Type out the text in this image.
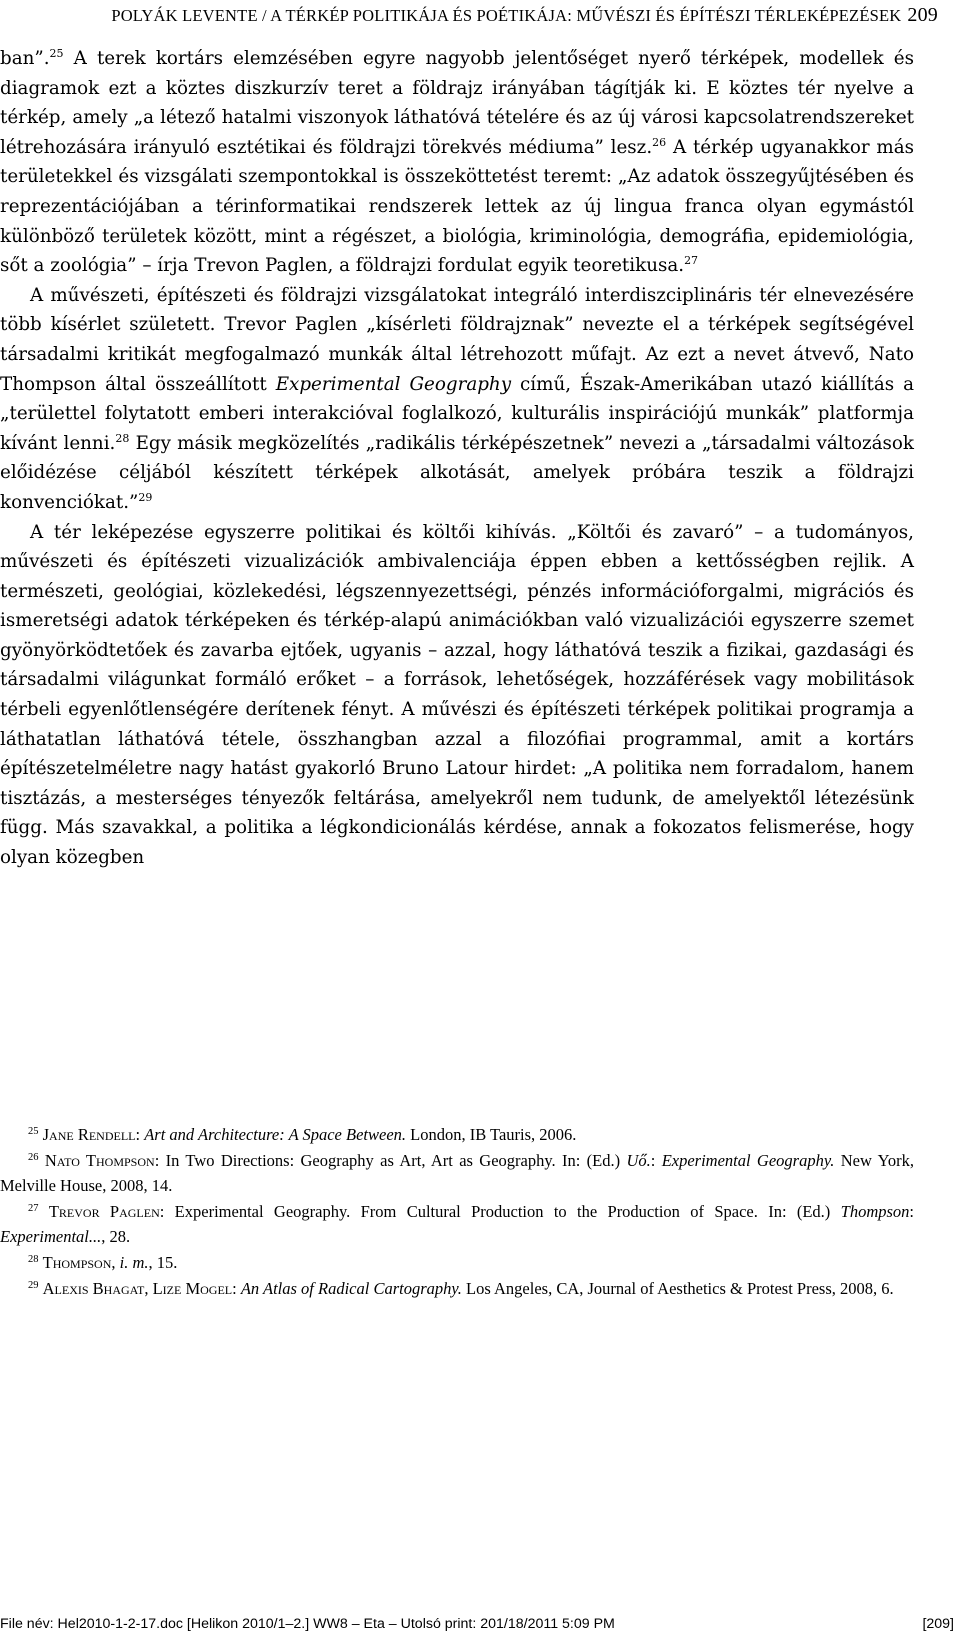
POLYÁK LEVENTE / A TÉRKÉP POLITIKÁJA ÉS POÉTIKÁJA: MŰVÉSZI ÉS ÉPÍTÉSZI TÉRLEKÉPEZÉSEK 209

ban”.$^{25}$ A terek kortárs elemzésében egyre nagyobb jelentőséget nyerő térképek, modellek és diagramok ezt a köztes diszkurzív teret a földrajz irányában tágítják ki. E köztes tér nyelve a térkép, amely „a létező hatalmi viszonyok láthatóvá tételére és az új városi kapcsolatrendszereket létrehozására irányuló esztétikai és földrajzi törekvés médiuma” lesz.$^{26}$ A térkép ugyanakkor más területekkel és vizsgálati szempontokkal is összeköttetést teremt: „Az adatok összegyűjtésében és reprezentációjában a térinformatikai rendszerek lettek az új lingua franca olyan egymástól különböző területek között, mint a régészet, a biológia, kriminológia, demográfia, epidemiológia, sőt a zoológia” – írja Trevon Paglen, a földrajzi fordulat egyik teoretikusa.$^{27}$

A művészeti, építészeti és földrajzi vizsgálatokat integráló interdiszciplináris tér elnevezésére több kísérlet született. Trevor Paglen „kísérleti földrajznak” nevezte el a térképek segítségével társadalmi kritikát megfogalmazó munkák által létrehozott műfajt. Az ezt a nevet átvevő, Nato Thompson által összeállított Experimental Geography című, Észak-Amerikában utazó kiállítás a „területtel folytatott emberi interakcióval foglalkozó, kulturális inspirációjú munkák” platformja kívánt lenni.$^{28}$ Egy másik megközelítés „radikális térképészetnek” nevezi a „társadalmi változások előidézése céljából készített térképek alkotását, amelyek próbára teszik a földrajzi konvenciókat.”$^{29}$

A tér leképezése egyszerre politikai és költői kihívás. „Költői és zavaró” – a tudományos, művészeti és építészeti vizualizációk ambivalenciája éppen ebben a kettősségben rejlik. A természeti, geológiai, közlekedési, légszennyezettségi, pénzés információforgalmi, migrációs és ismeretségi adatok térképeken és térkép-alapú animációkban való vizualizációi egyszerre szemet gyönyörködtetőek és zavarba ejtőek, ugyanis – azzal, hogy láthatóvá teszik a fizikai, gazdasági és társadalmi világunkat formáló erőket – a források, lehetőségek, hozzáférések vagy mobilitások térbeli egyenlőtlenségére derítenek fényt. A művészi és építészeti térképek politikai programja a láthatatlan láthatóvá tétele, összhangban azzal a filozófiai programmal, amit a kortárs építészetelméletre nagy hatást gyakorló Bruno Latour hirdet: „A politika nem forradalom, hanem tisztázás, a mesterséges tényezők feltárása, amelyekről nem tudunk, de amelyektől létezésünk függ. Más szavakkal, a politika a légkondicionálás kérdése, annak a fokozatos felismerése, hogy olyan közegben

$^{25}$ Jane Rendell: Art and Architecture: A Space Between. London, IB Tauris, 2006.

$^{26}$ Nato Thompson: In Two Directions: Geography as Art, Art as Geography. In: (Ed.) Uő.: Experimental Geography. New York, Melville House, 2008, 14.

$^{27}$ Trevor Paglen: Experimental Geography. From Cultural Production to the Production of Space. In: (Ed.) Thompson: Experimental..., 28.

$^{28}$ Thompson, i. m., 15.

$^{29}$ Alexis Bhagat, Lize Mogel: An Atlas of Radical Cartography. Los Angeles, CA, Journal of Aesthetics & Protest Press, 2008, 6.

File név: Hel2010-1-2-17.doc [Helikon 2010/1–2.] WW8 – Eta – Utolsó print: 201/18/2011 5:09 PM	[209]
